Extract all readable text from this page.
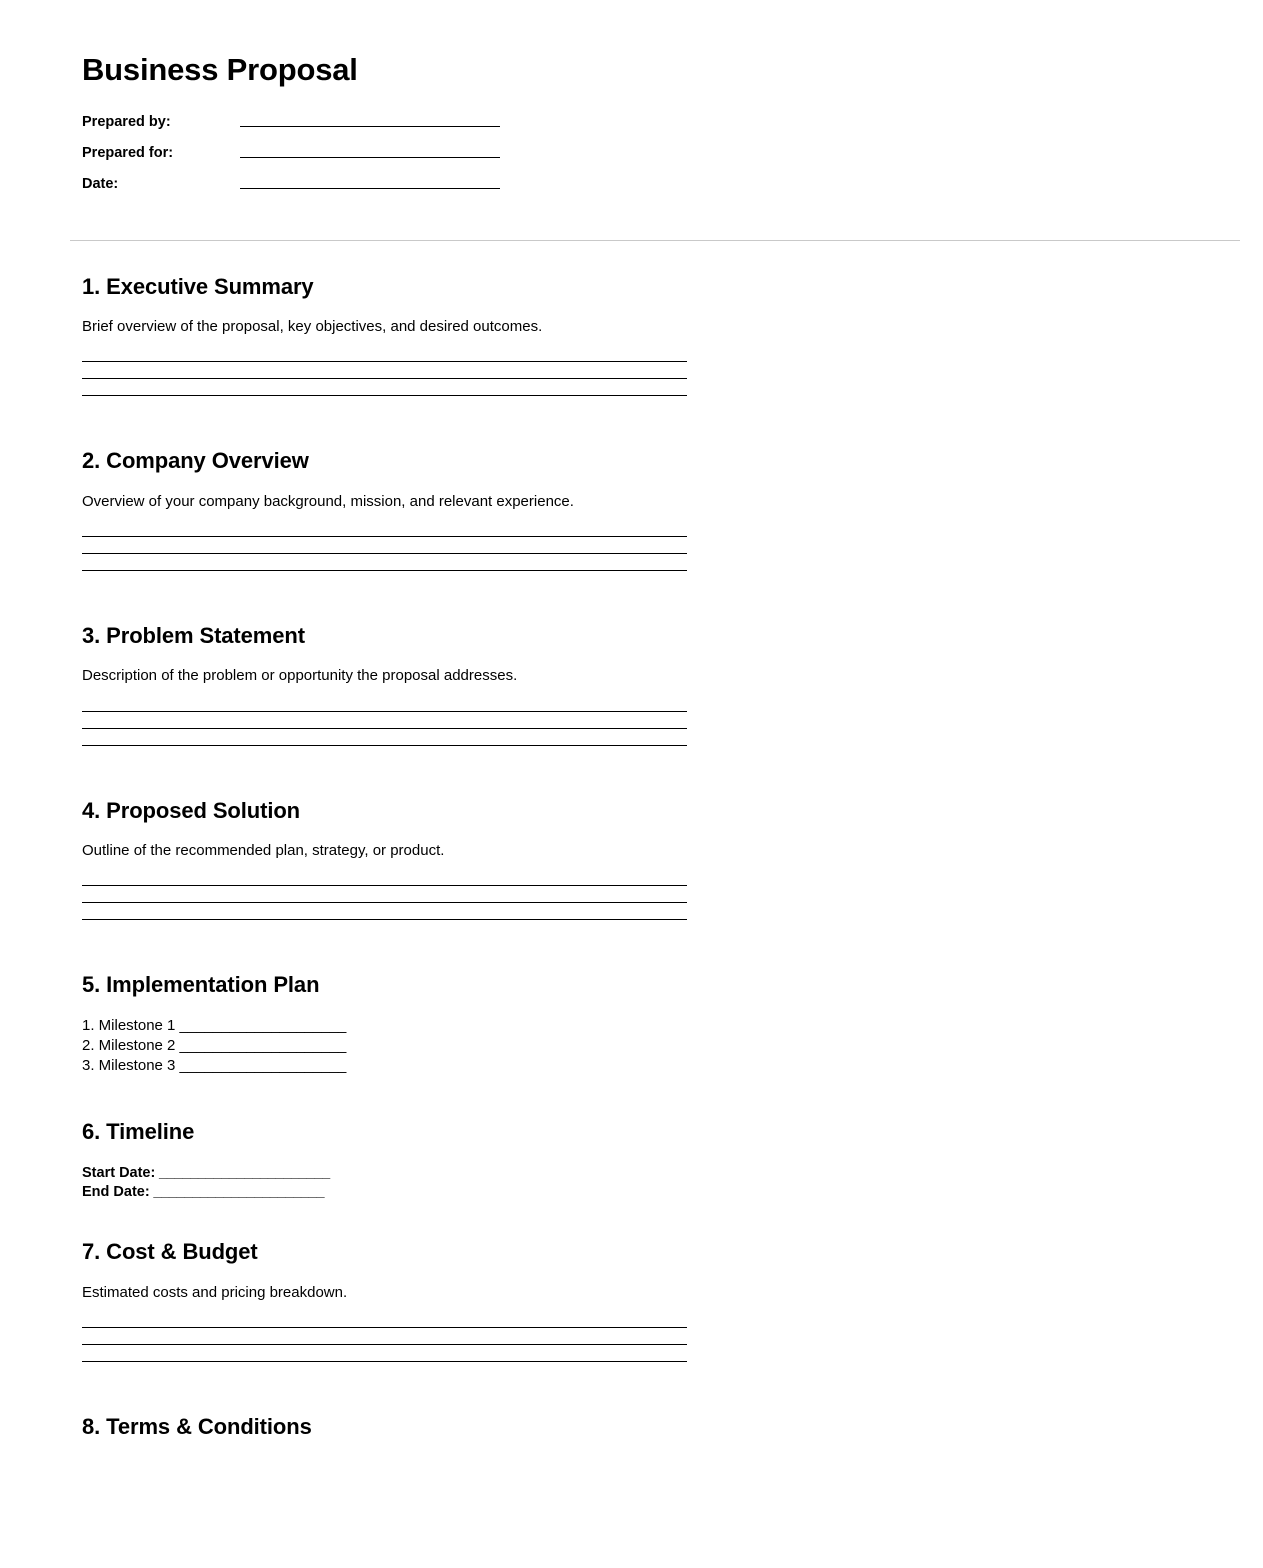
Business Proposal
Prepared by:	

Prepared for:	

Date:	
1. Executive Summary

Brief overview of the proposal, key objectives, and desired outcomes.

2. Company Overview

Overview of your company background, mission, and relevant experience.

3. Problem Statement

Description of the problem or opportunity the proposal addresses.

4. Proposed Solution

Outline of the recommended plan, strategy, or product.

5. Implementation Plan
1. Milestone 1 ____________________
2. Milestone 2 ____________________
3. Milestone 3 ____________________
6. Timeline
Start Date: ______________________
End Date: ______________________
7. Cost & Budget

Estimated costs and pricing breakdown.

8. Terms & Conditions
